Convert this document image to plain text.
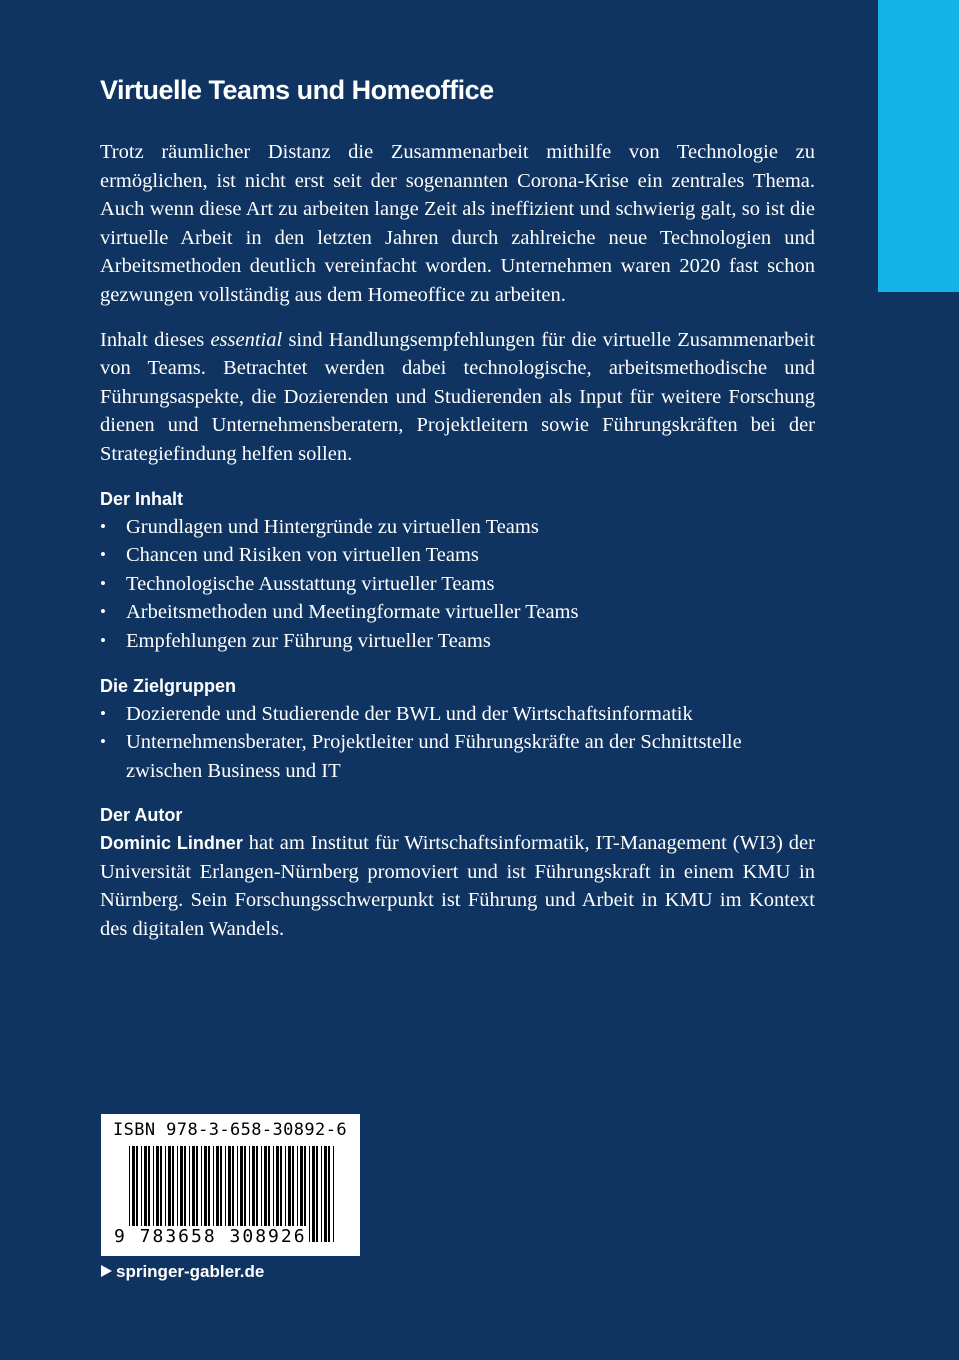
Virtuelle Teams und Homeoffice

Trotz räumlicher Distanz die Zusammenarbeit mithilfe von Technologie zu ermöglichen, ist nicht erst seit der sogenannten Corona-Krise ein zentrales Thema. Auch wenn diese Art zu arbeiten lange Zeit als ineffizient und schwierig galt, so ist die virtuelle Arbeit in den letzten Jahren durch zahlreiche neue Technologien und Arbeitsmethoden deutlich vereinfacht worden. Unternehmen waren 2020 fast schon gezwungen vollständig aus dem Homeoffice zu arbeiten.

Inhalt dieses essential sind Handlungsempfehlungen für die virtuelle Zusammenarbeit von Teams. Betrachtet werden dabei technologische, arbeitsmethodische und Führungsaspekte, die Dozierenden und Studierenden als Input für weitere Forschung dienen und Unternehmensberatern, Projektleitern sowie Führungskräften bei der Strategiefindung helfen sollen.

Der Inhalt
• Grundlagen und Hintergründe zu virtuellen Teams
• Chancen und Risiken von virtuellen Teams
• Technologische Ausstattung virtueller Teams
• Arbeitsmethoden und Meetingformate virtueller Teams
• Empfehlungen zur Führung virtueller Teams
Die Zielgruppen
• Dozierende und Studierende der BWL und der Wirtschaftsinformatik
• Unternehmensberater, Projektleiter und Führungskräfte an der Schnittstelle zwischen Business und IT
Der Autor

Dominic Lindner hat am Institut für Wirtschaftsinformatik, IT-Management (WI3) der Universität Erlangen-Nürnberg promoviert und ist Führungskraft in einem KMU in Nürnberg. Sein Forschungsschwerpunkt ist Führung und Arbeit in KMU im Kontext des digitalen Wandels.

ISBN 978-3-658-30892-6
9 783658 308926
springer-gabler.de
